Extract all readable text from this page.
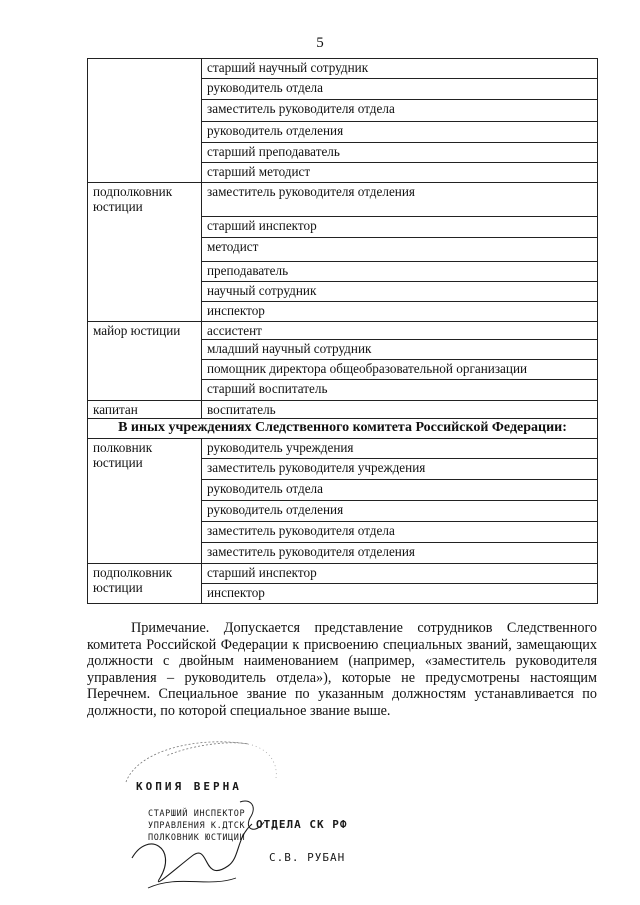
5
	старший научный сотрудник
	руководитель отдела
	заместитель руководителя отдела
	руководитель отделения
	старший преподаватель
	старший методист
подполковник юстиции	заместитель руководителя отделения
	старший инспектор
	методист
	преподаватель
	научный сотрудник
	инспектор
майор юстиции	ассистент
	младший научный сотрудник
	помощник директора общеобразовательной организации
	старший воспитатель
капитан	воспитатель
В иных учреждениях Следственного комитета Российской Федерации:	
полковник юстиции	руководитель учреждения
	заместитель руководителя учреждения
	руководитель отдела
	руководитель отделения
	заместитель руководителя отдела
	заместитель руководителя отделения
подполковник юстиции	старший инспектор
	инспектор
Примечание. Допускается представление сотрудников Следственного комитета Российской Федерации к присвоению специальных званий, замещающих должности с двойным наименованием (например, «заместитель руководителя управления – руководитель отдела»), которые не предусмотрены настоящим Перечнем. Специальное звание по указанным должностям устанавливается по должности, по которой специальное звание выше.
КОПИЯ ВЕРНА
СТАРШИЙ ИНСПЕКТОР
УПРАВЛЕНИЯ К.ДТСК
ПОЛКОВНИК ЮСТИЦИИ
ОТДЕЛА СК РФ
С.В. РУБАН
